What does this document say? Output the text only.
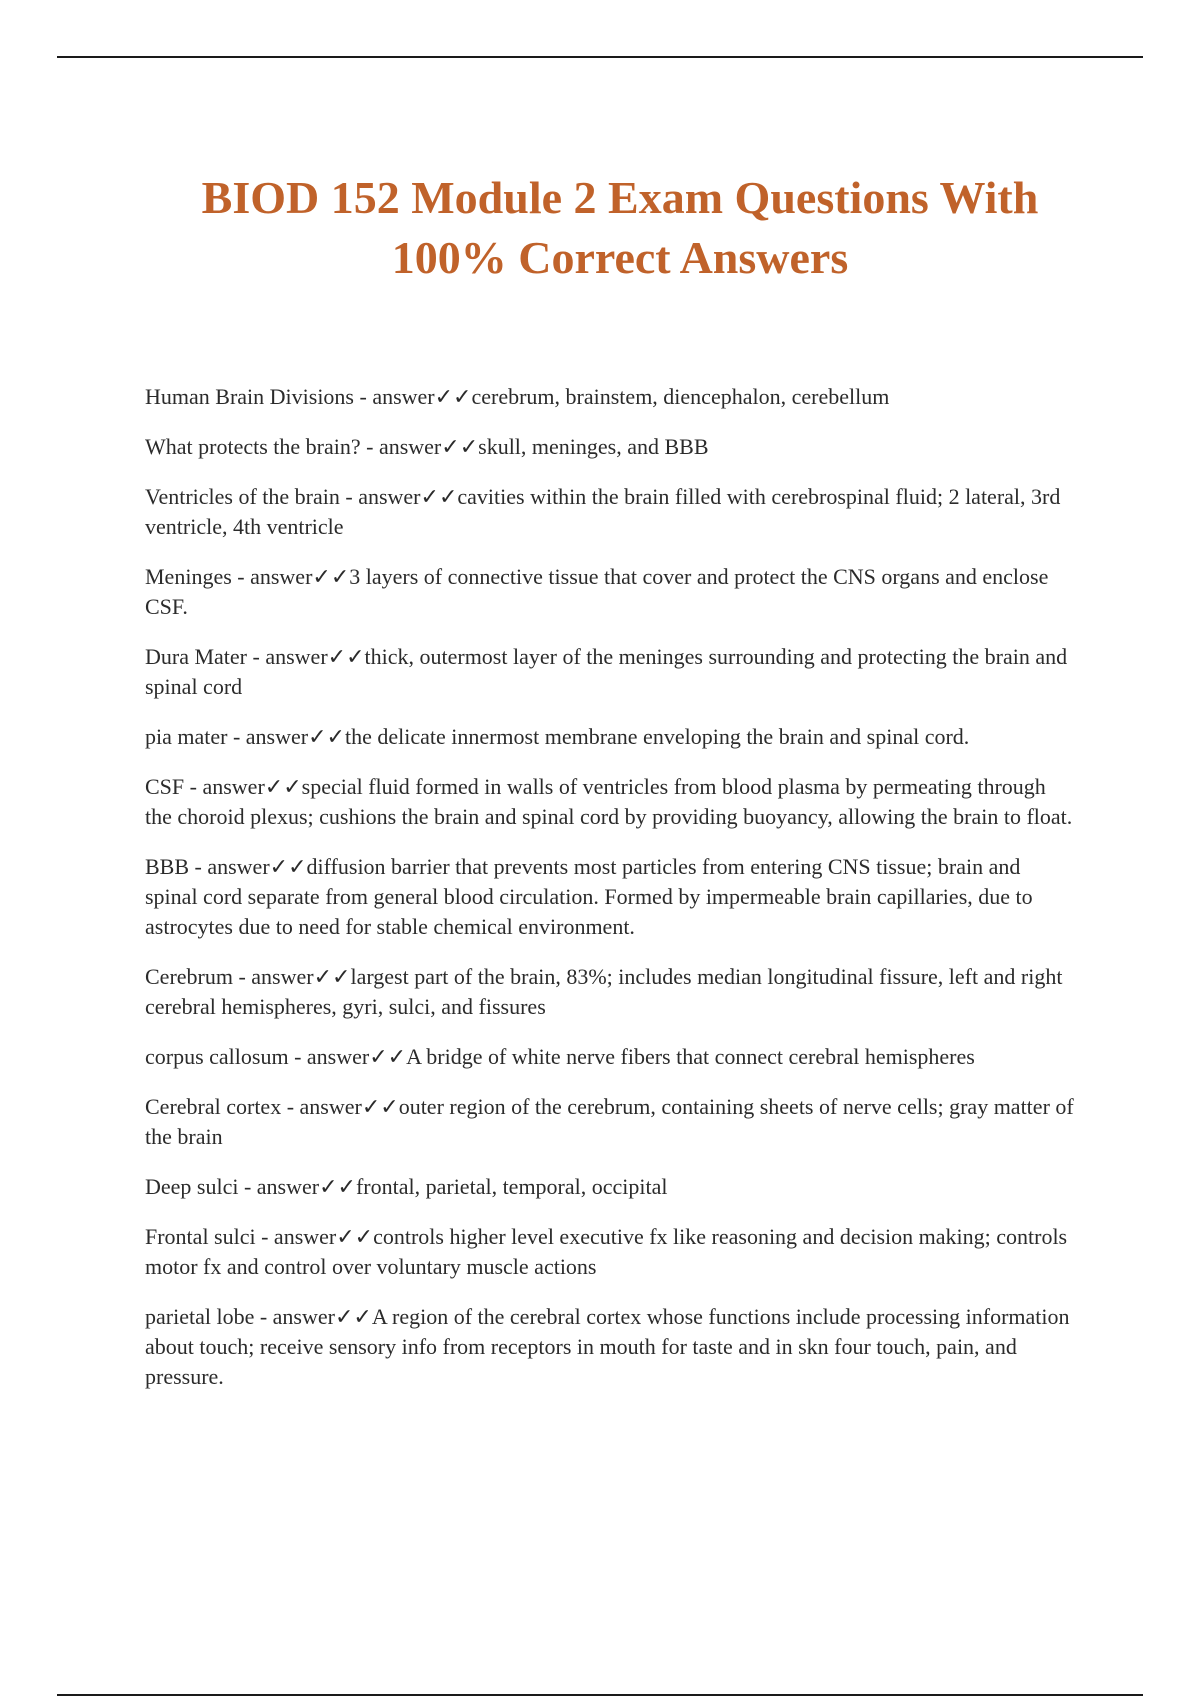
BIOD 152 Module 2 Exam Questions With
100% Correct Answers
Human Brain Divisions - answer✓✓cerebrum, brainstem, diencephalon, cerebellum
What protects the brain? - answer✓✓skull, meninges, and BBB
Ventricles of the brain - answer✓✓cavities within the brain filled with cerebrospinal fluid; 2 lateral, 3rd ventricle, 4th ventricle
Meninges - answer✓✓3 layers of connective tissue that cover and protect the CNS organs and enclose CSF.
Dura Mater - answer✓✓thick, outermost layer of the meninges surrounding and protecting the brain and spinal cord
pia mater - answer✓✓the delicate innermost membrane enveloping the brain and spinal cord.
CSF - answer✓✓special fluid formed in walls of ventricles from blood plasma by permeating through the choroid plexus; cushions the brain and spinal cord by providing buoyancy, allowing the brain to float.
BBB - answer✓✓diffusion barrier that prevents most particles from entering CNS tissue; brain and spinal cord separate from general blood circulation. Formed by impermeable brain capillaries, due to astrocytes due to need for stable chemical environment.
Cerebrum - answer✓✓largest part of the brain, 83%; includes median longitudinal fissure, left and right cerebral hemispheres, gyri, sulci, and fissures
corpus callosum - answer✓✓A bridge of white nerve fibers that connect cerebral hemispheres
Cerebral cortex - answer✓✓outer region of the cerebrum, containing sheets of nerve cells; gray matter of the brain
Deep sulci - answer✓✓frontal, parietal, temporal, occipital
Frontal sulci - answer✓✓controls higher level executive fx like reasoning and decision making; controls motor fx and control over voluntary muscle actions
parietal lobe - answer✓✓A region of the cerebral cortex whose functions include processing information about touch; receive sensory info from receptors in mouth for taste and in skn four touch, pain, and pressure.
